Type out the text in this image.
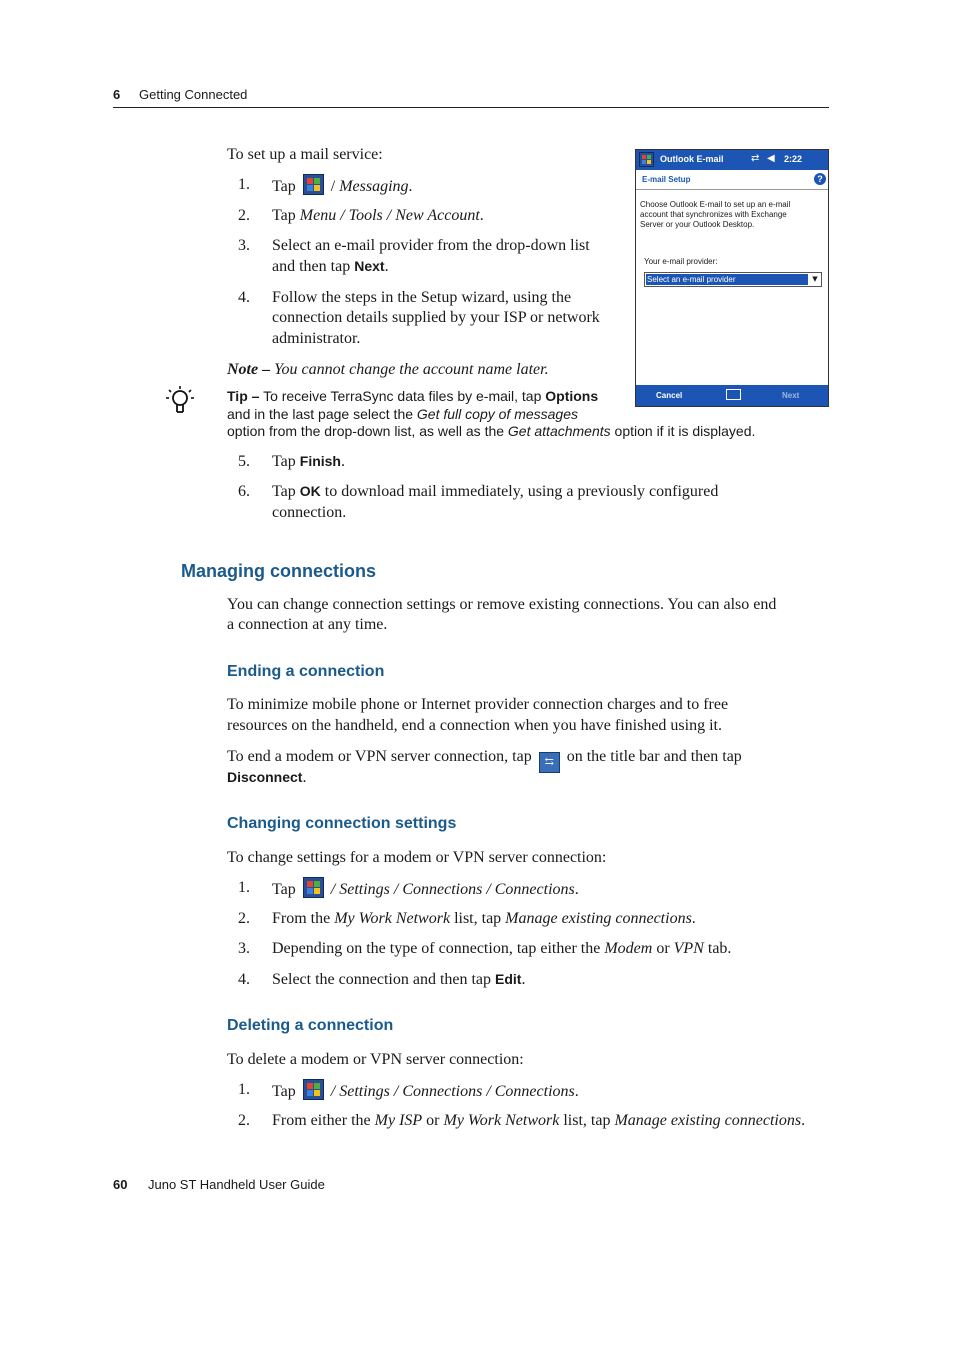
6 Getting Connected
To set up a mail service:
1.	Tap / Messaging.
2.	Tap Menu / Tools / New Account.
3.	Select an e-mail provider from the drop-down list
and then tap Next.
4.	Follow the steps in the Setup wizard, using the
connection details supplied by your ISP or network
administrator.
Note – You cannot change the account name later.
Tip – To receive TerraSync data files by e-mail, tap Options
and in the last page select the Get full copy of messages
option from the drop-down list, as well as the Get attachments option if it is displayed.
Outlook E-mail	⇄ ◀ 2:22
E-mail Setup	?
Choose Outlook E-mail to set up an e-mail
account that synchronizes with Exchange
Server or your Outlook Desktop.
Your e-mail provider:
Select an e-mail provider	▼
Cancel	Next
5.	Tap Finish.
6.	Tap OK to download mail immediately, using a previously configured
connection.
Managing connections
You can change connection settings or remove existing connections. You can also end
a connection at any time.
Ending a connection
To minimize mobile phone or Internet provider connection charges and to free
resources on the handheld, end a connection when you have finished using it.
To end a modem or VPN server connection, tap ⇆ on the title bar and then tap
Disconnect.
Changing connection settings
To change settings for a modem or VPN server connection:
1.	Tap / Settings / Connections / Connections.
2.	From the My Work Network list, tap Manage existing connections.
3.	Depending on the type of connection, tap either the Modem or VPN tab.
4.	Select the connection and then tap Edit.
Deleting a connection
To delete a modem or VPN server connection:
1.	Tap / Settings / Connections / Connections.
2.	From either the My ISP or My Work Network list, tap Manage existing connections.
60 Juno ST Handheld User Guide
